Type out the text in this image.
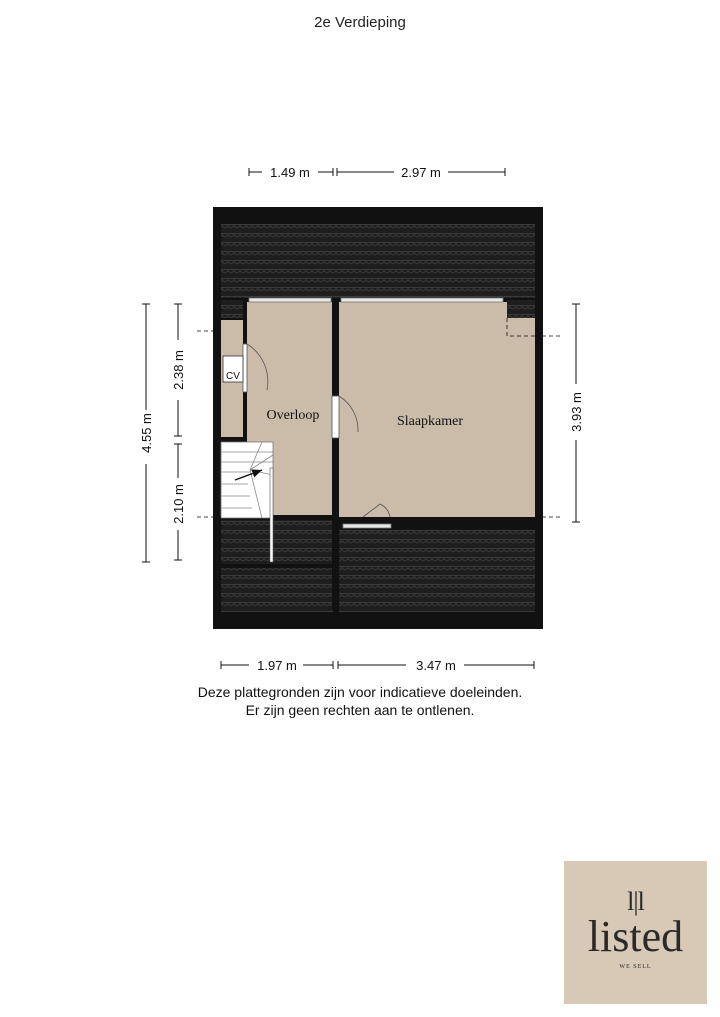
2e Verdieping
CV
Overloop	Slaapkamer
1.49 m	2.97 m
1.97 m	3.47 m
4.55 m
2.38 m
2.10 m
3.93 m
Deze plattegronden zijn voor indicatieve doeleinden.
Er zijn geen rechten aan te ontlenen.
l|l
listed
WE SELL
